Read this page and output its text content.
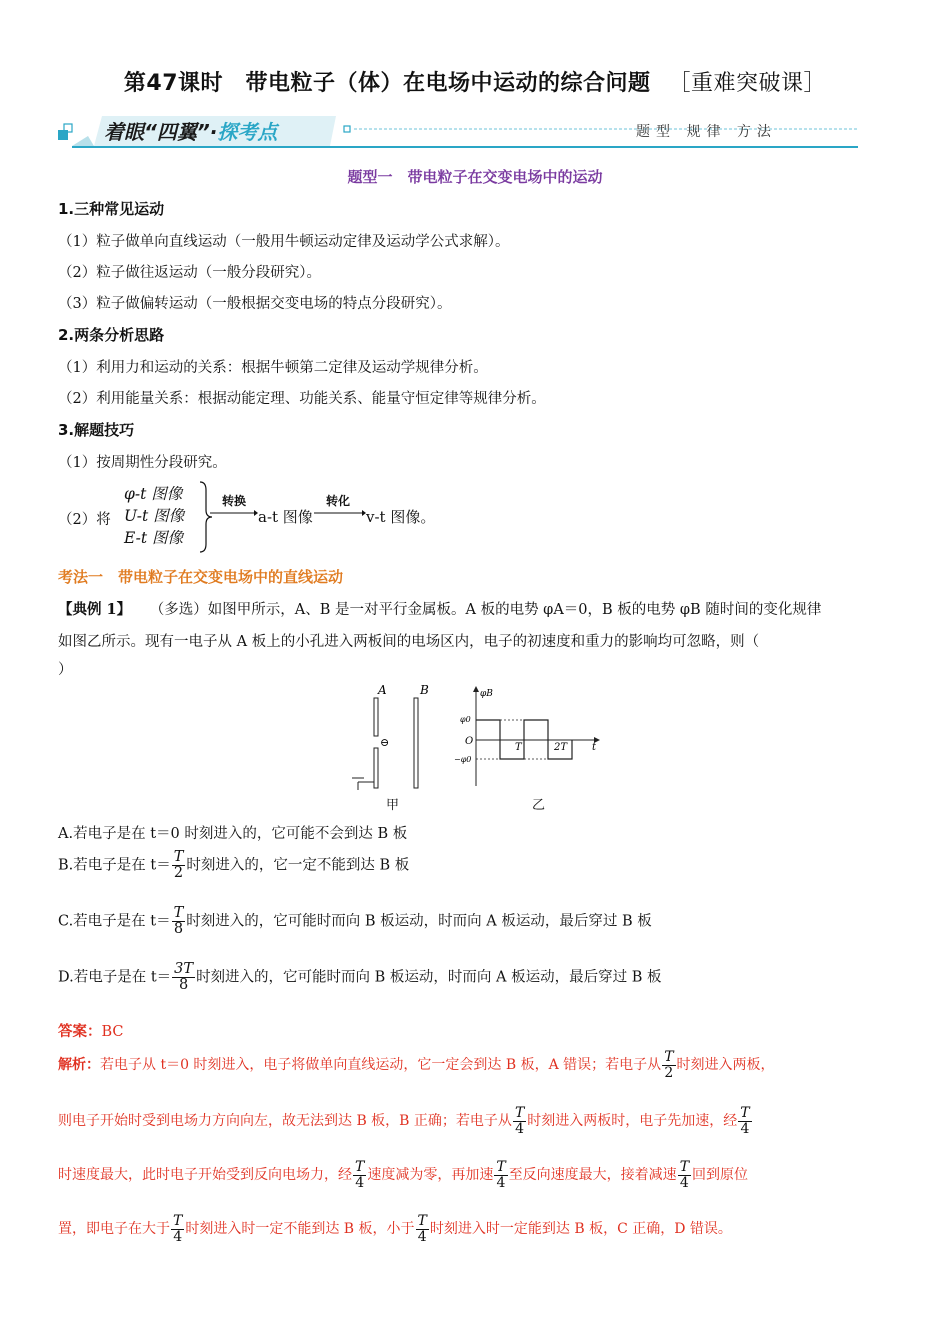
第47课时　带电粒子（体）在电场中运动的综合问题 ［重难突破课］
着眼“四翼”·探考点	题型 规律 方法
题型一　带电粒子在交变电场中的运动
1.三种常见运动
（1）粒子做单向直线运动（一般用牛顿运动定律及运动学公式求解）。
（2）粒子做往返运动（一般分段研究）。
（3）粒子做偏转运动（一般根据交变电场的特点分段研究）。
2.两条分析思路
（1）利用力和运动的关系：根据牛顿第二定律及运动学规律分析。
（2）利用能量关系：根据动能定理、功能关系、能量守恒定律等规律分析。
3.解题技巧
（1）按周期性分段研究。
（2）将
φ-t 图像
U-t 图像
E-t 图像
转换
a-t 图像
转化
v-t 图像。
考法一　带电粒子在交变电场中的直线运动
【典例 1】 （多选）如图甲所示，A、B 是一对平行金属板。A 板的电势 φA＝0，B 板的电势 φB 随时间的变化规律
如图乙所示。现有一电子从 A 板上的小孔进入两板间的电场区内，电子的初速度和重力的影响均可忽略，则（
）
A	B
⊖
甲
φB
φ0
O
−φ0
t
T	2T
乙
A.若电子是在 t＝0 时刻进入的，它可能不会到达 B 板
B.若电子是在 $t= \frac{T}{2}$ 时刻进入的，它一定不能到达 B 板
C.若电子是在 $t= \frac{T}{8}$ 时刻进入的，它可能时而向 B 板运动，时而向 A 板运动，最后穿过 B 板
D.若电子是在 $t= \frac{3T}{8}$ 时刻进入的，它可能时而向 B 板运动，时而向 A 板运动，最后穿过 B 板
答案：BC
解析：若电子从 t＝0 时刻进入，电子将做单向直线运动，它一定会到达 B 板，A 错误；若电子从 $\frac{T}{2}$ 时刻进入两板，
则电子开始时受到电场力方向向左，故无法到达 B 板，B 正确；若电子从 $\frac{T}{4}$ 时刻进入两板时，电子先加速，经 $\frac{T}{4}$
时速度最大，此时电子开始受到反向电场力，经 $\frac{T}{4}$ 速度减为零，再加速 $\frac{T}{4}$ 至反向速度最大，接着减速 $\frac{T}{4}$ 回到原位
置，即电子在大于 $\frac{T}{4}$ 时刻进入时一定不能到达 B 板，小于 $\frac{T}{4}$ 时刻进入时一定能到达 B 板，C 正确，D 错误。
